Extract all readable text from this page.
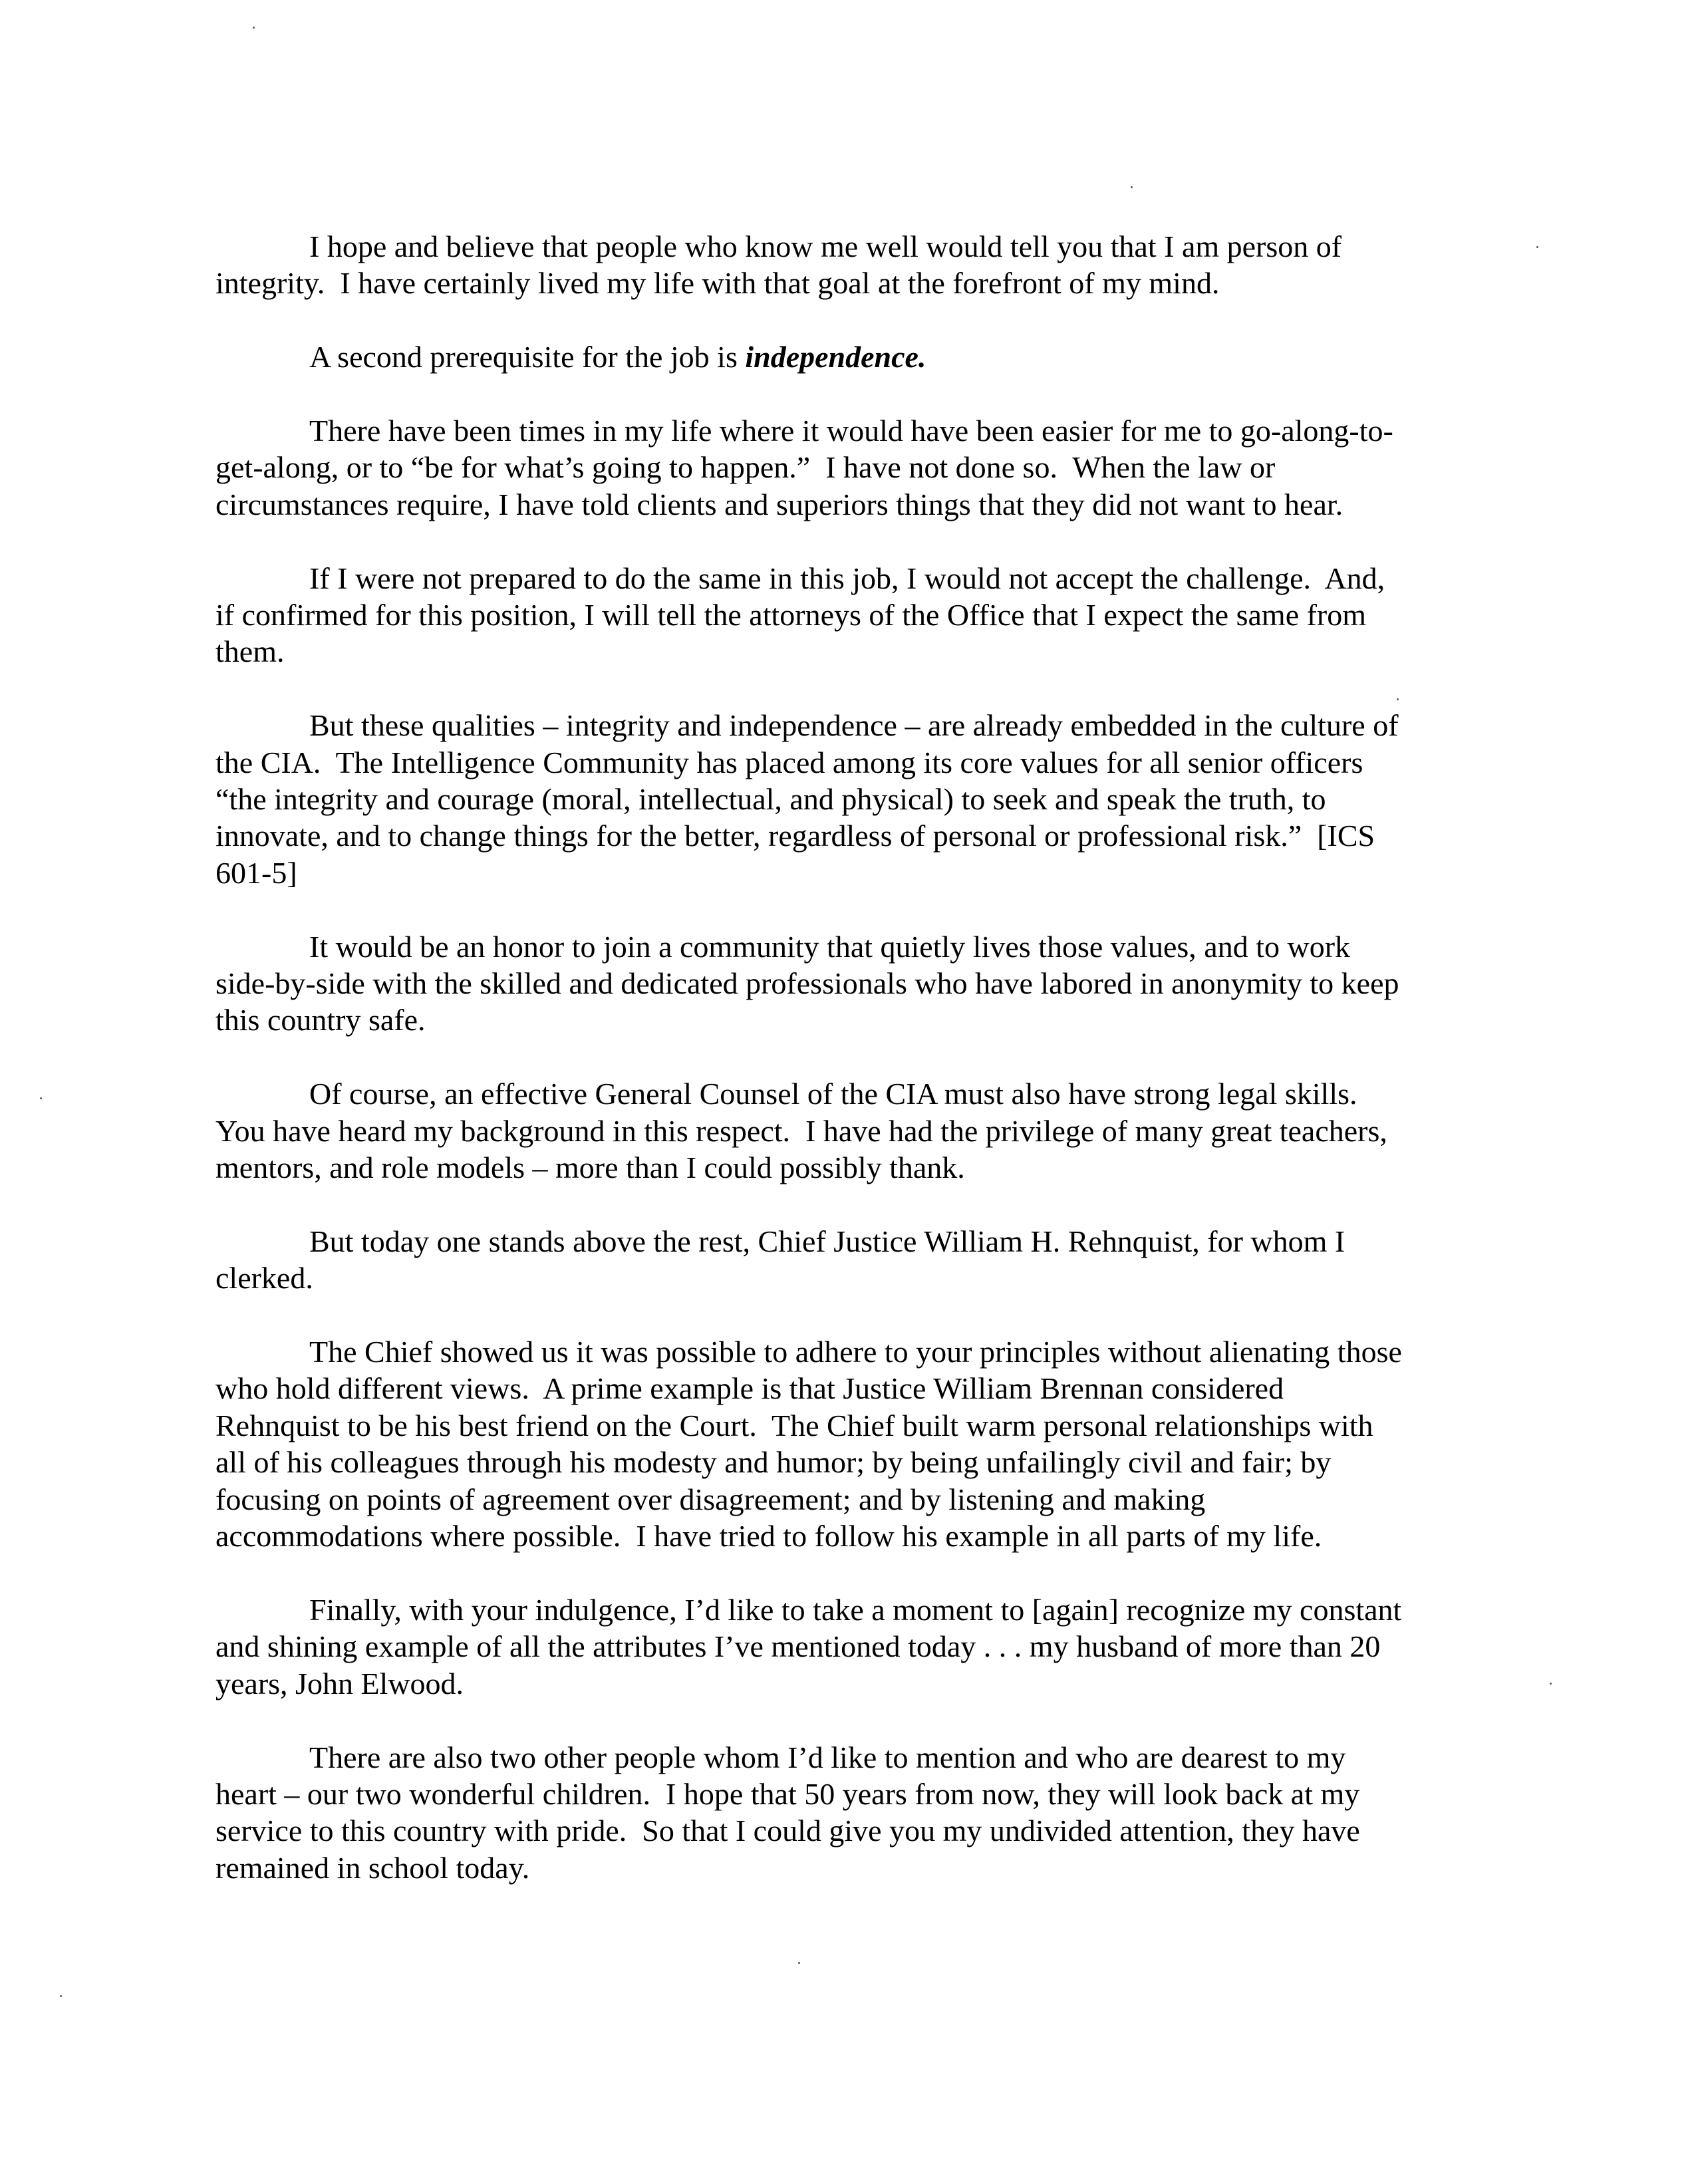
I hope and believe that people who know me well would tell you that I am person of
integrity.  I have certainly lived my life with that goal at the forefront of my mind.
A second prerequisite for the job is independence.
There have been times in my life where it would have been easier for me to go-along-to-
get-along, or to “be for what’s going to happen.”  I have not done so.  When the law or
circumstances require, I have told clients and superiors things that they did not want to hear.
If I were not prepared to do the same in this job, I would not accept the challenge.  And,
if confirmed for this position, I will tell the attorneys of the Office that I expect the same from
them.
But these qualities – integrity and independence – are already embedded in the culture of
the CIA.  The Intelligence Community has placed among its core values for all senior officers
“the integrity and courage (moral, intellectual, and physical) to seek and speak the truth, to
innovate, and to change things for the better, regardless of personal or professional risk.”  [ICS
601-5]
It would be an honor to join a community that quietly lives those values, and to work
side-by-side with the skilled and dedicated professionals who have labored in anonymity to keep
this country safe.
Of course, an effective General Counsel of the CIA must also have strong legal skills.
You have heard my background in this respect.  I have had the privilege of many great teachers,
mentors, and role models – more than I could possibly thank.
But today one stands above the rest, Chief Justice William H. Rehnquist, for whom I
clerked.
The Chief showed us it was possible to adhere to your principles without alienating those
who hold different views.  A prime example is that Justice William Brennan considered
Rehnquist to be his best friend on the Court.  The Chief built warm personal relationships with
all of his colleagues through his modesty and humor; by being unfailingly civil and fair; by
focusing on points of agreement over disagreement; and by listening and making
accommodations where possible.  I have tried to follow his example in all parts of my life.
Finally, with your indulgence, I’d like to take a moment to [again] recognize my constant
and shining example of all the attributes I’ve mentioned today . . . my husband of more than 20
years, John Elwood.
There are also two other people whom I’d like to mention and who are dearest to my
heart – our two wonderful children.  I hope that 50 years from now, they will look back at my
service to this country with pride.  So that I could give you my undivided attention, they have
remained in school today.
